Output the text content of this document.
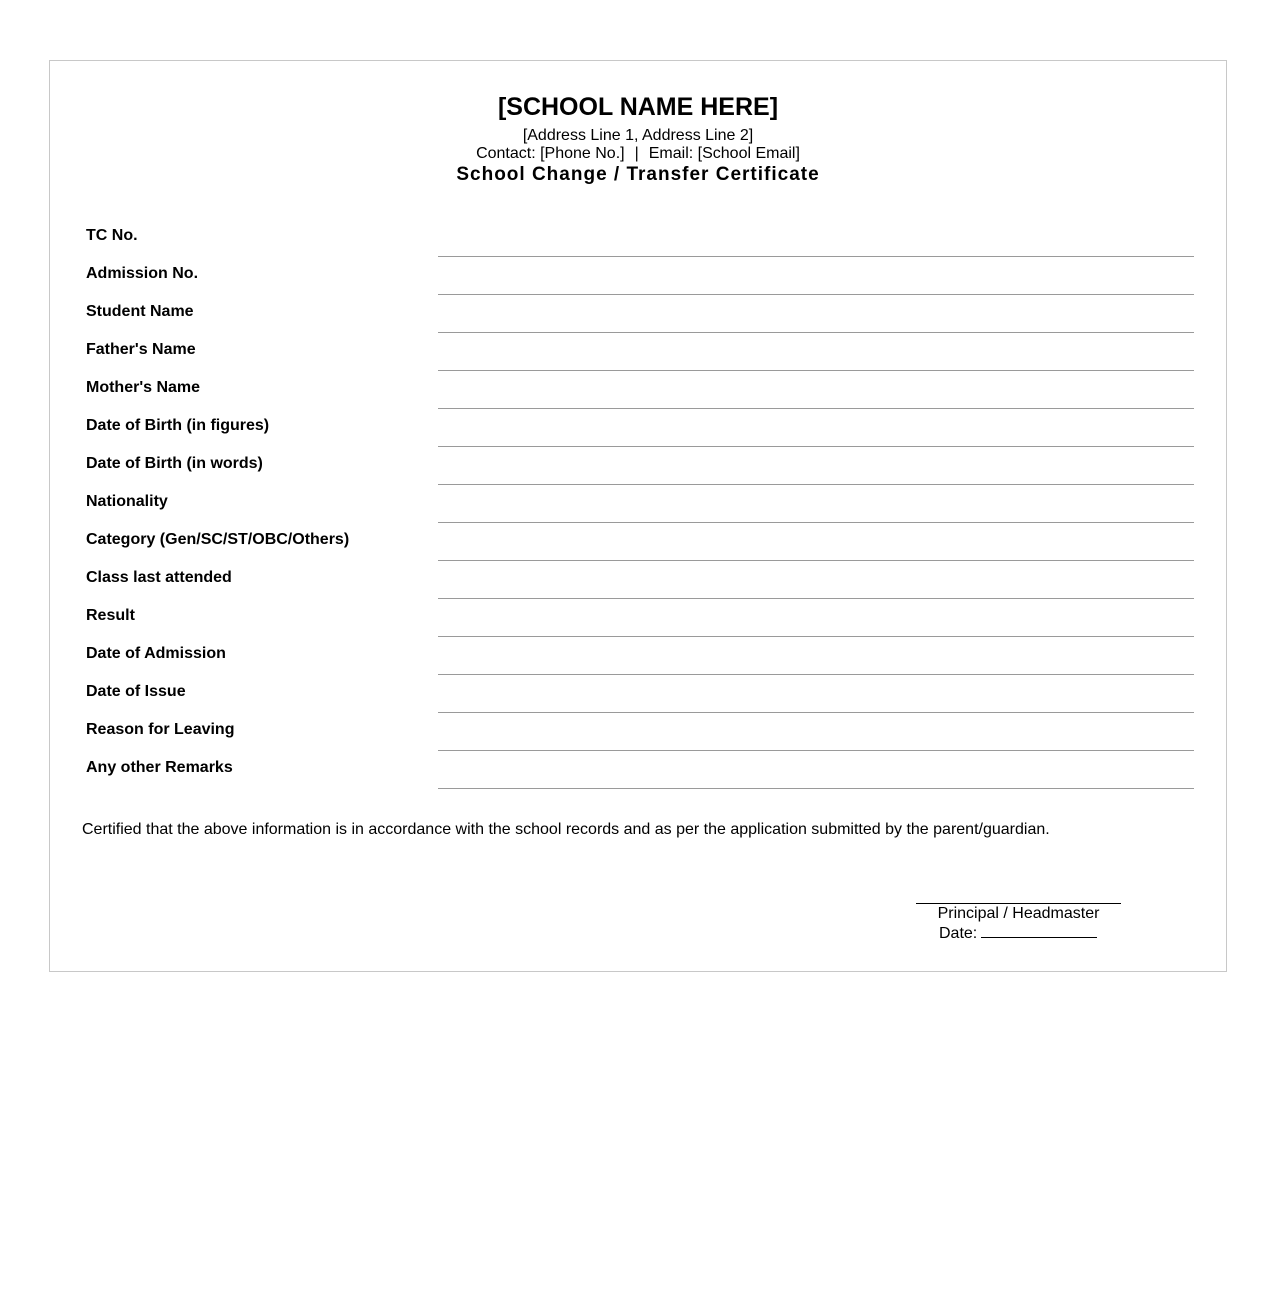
[SCHOOL NAME HERE]
[Address Line 1, Address Line 2]
Contact: [Phone No.] | Email: [School Email]
School Change / Transfer Certificate
TC No.
Admission No.
Student Name
Father's Name
Mother's Name
Date of Birth (in figures)
Date of Birth (in words)
Nationality
Category (Gen/SC/ST/OBC/Others)
Class last attended
Result
Date of Admission
Date of Issue
Reason for Leaving
Any other Remarks
Certified that the above information is in accordance with the school records and as per the application submitted by the parent/guardian.
Principal / Headmaster
Date:
